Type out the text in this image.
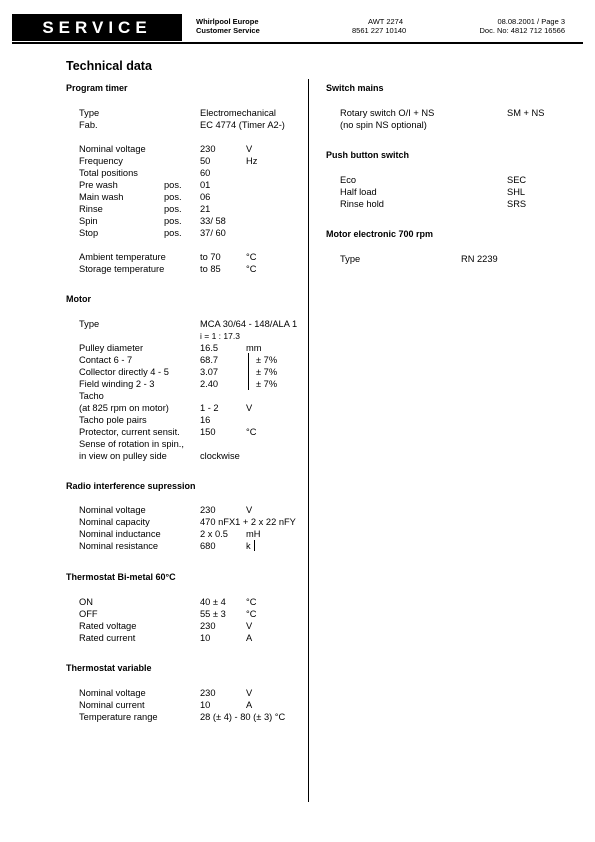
SERVICE	Whirlpool Europe
Customer Service
AWT 2274
8561 227 10140
08.08.2001 / Page 3
Doc. No: 4812 712 16566
Technical data
Program timer
Type	Electromechanical
Fab.	EC 4774 (Timer A2-)
Nominal voltage	230	V
Frequency	50	Hz
Total positions	60
Pre wash	pos. 01
Main wash	pos. 06
Rinse	pos. 21
Spin	pos. 33/ 58
Stop	pos. 37/ 60
Ambient temperature	to 70	°C
Storage temperature	to 85	°C
Motor
Type	MCA 30/64 - 148/ALA 1
i = 1 : 17.3
Pulley diameter	16.5	mm
Contact 6 - 7	68.7	± 7%
Collector directly 4 - 5	3.07	± 7%
Field winding 2 - 3	2.40	± 7%
Tacho
(at 825 rpm on motor)	1 - 2	V
Tacho pole pairs	16
Protector, current sensit. 150	°C
Sense of rotation in spin.,
in view on pulley side	clockwise
Radio interference supression
Nominal voltage	230	V
Nominal capacity	470 nFX1 + 2 x 22 nFY
Nominal inductance	2 x 0.5 mH
Nominal resistance	680	k
Thermostat Bi-metal 60°C
ON	40 ± 4 °C
OFF	55 ± 3 °C
Rated voltage	230	V
Rated current	10	A
Thermostat variable
Nominal voltage	230	V
Nominal current	10	A
Temperature range	28 (± 4) - 80 (± 3) °C
Switch mains
Rotary switch O/I + NS	SM + NS
(no spin NS optional)
Push button switch
Eco	SEC
Half load	SHL
Rinse hold	SRS
Motor electronic 700 rpm
Type	RN 2239
